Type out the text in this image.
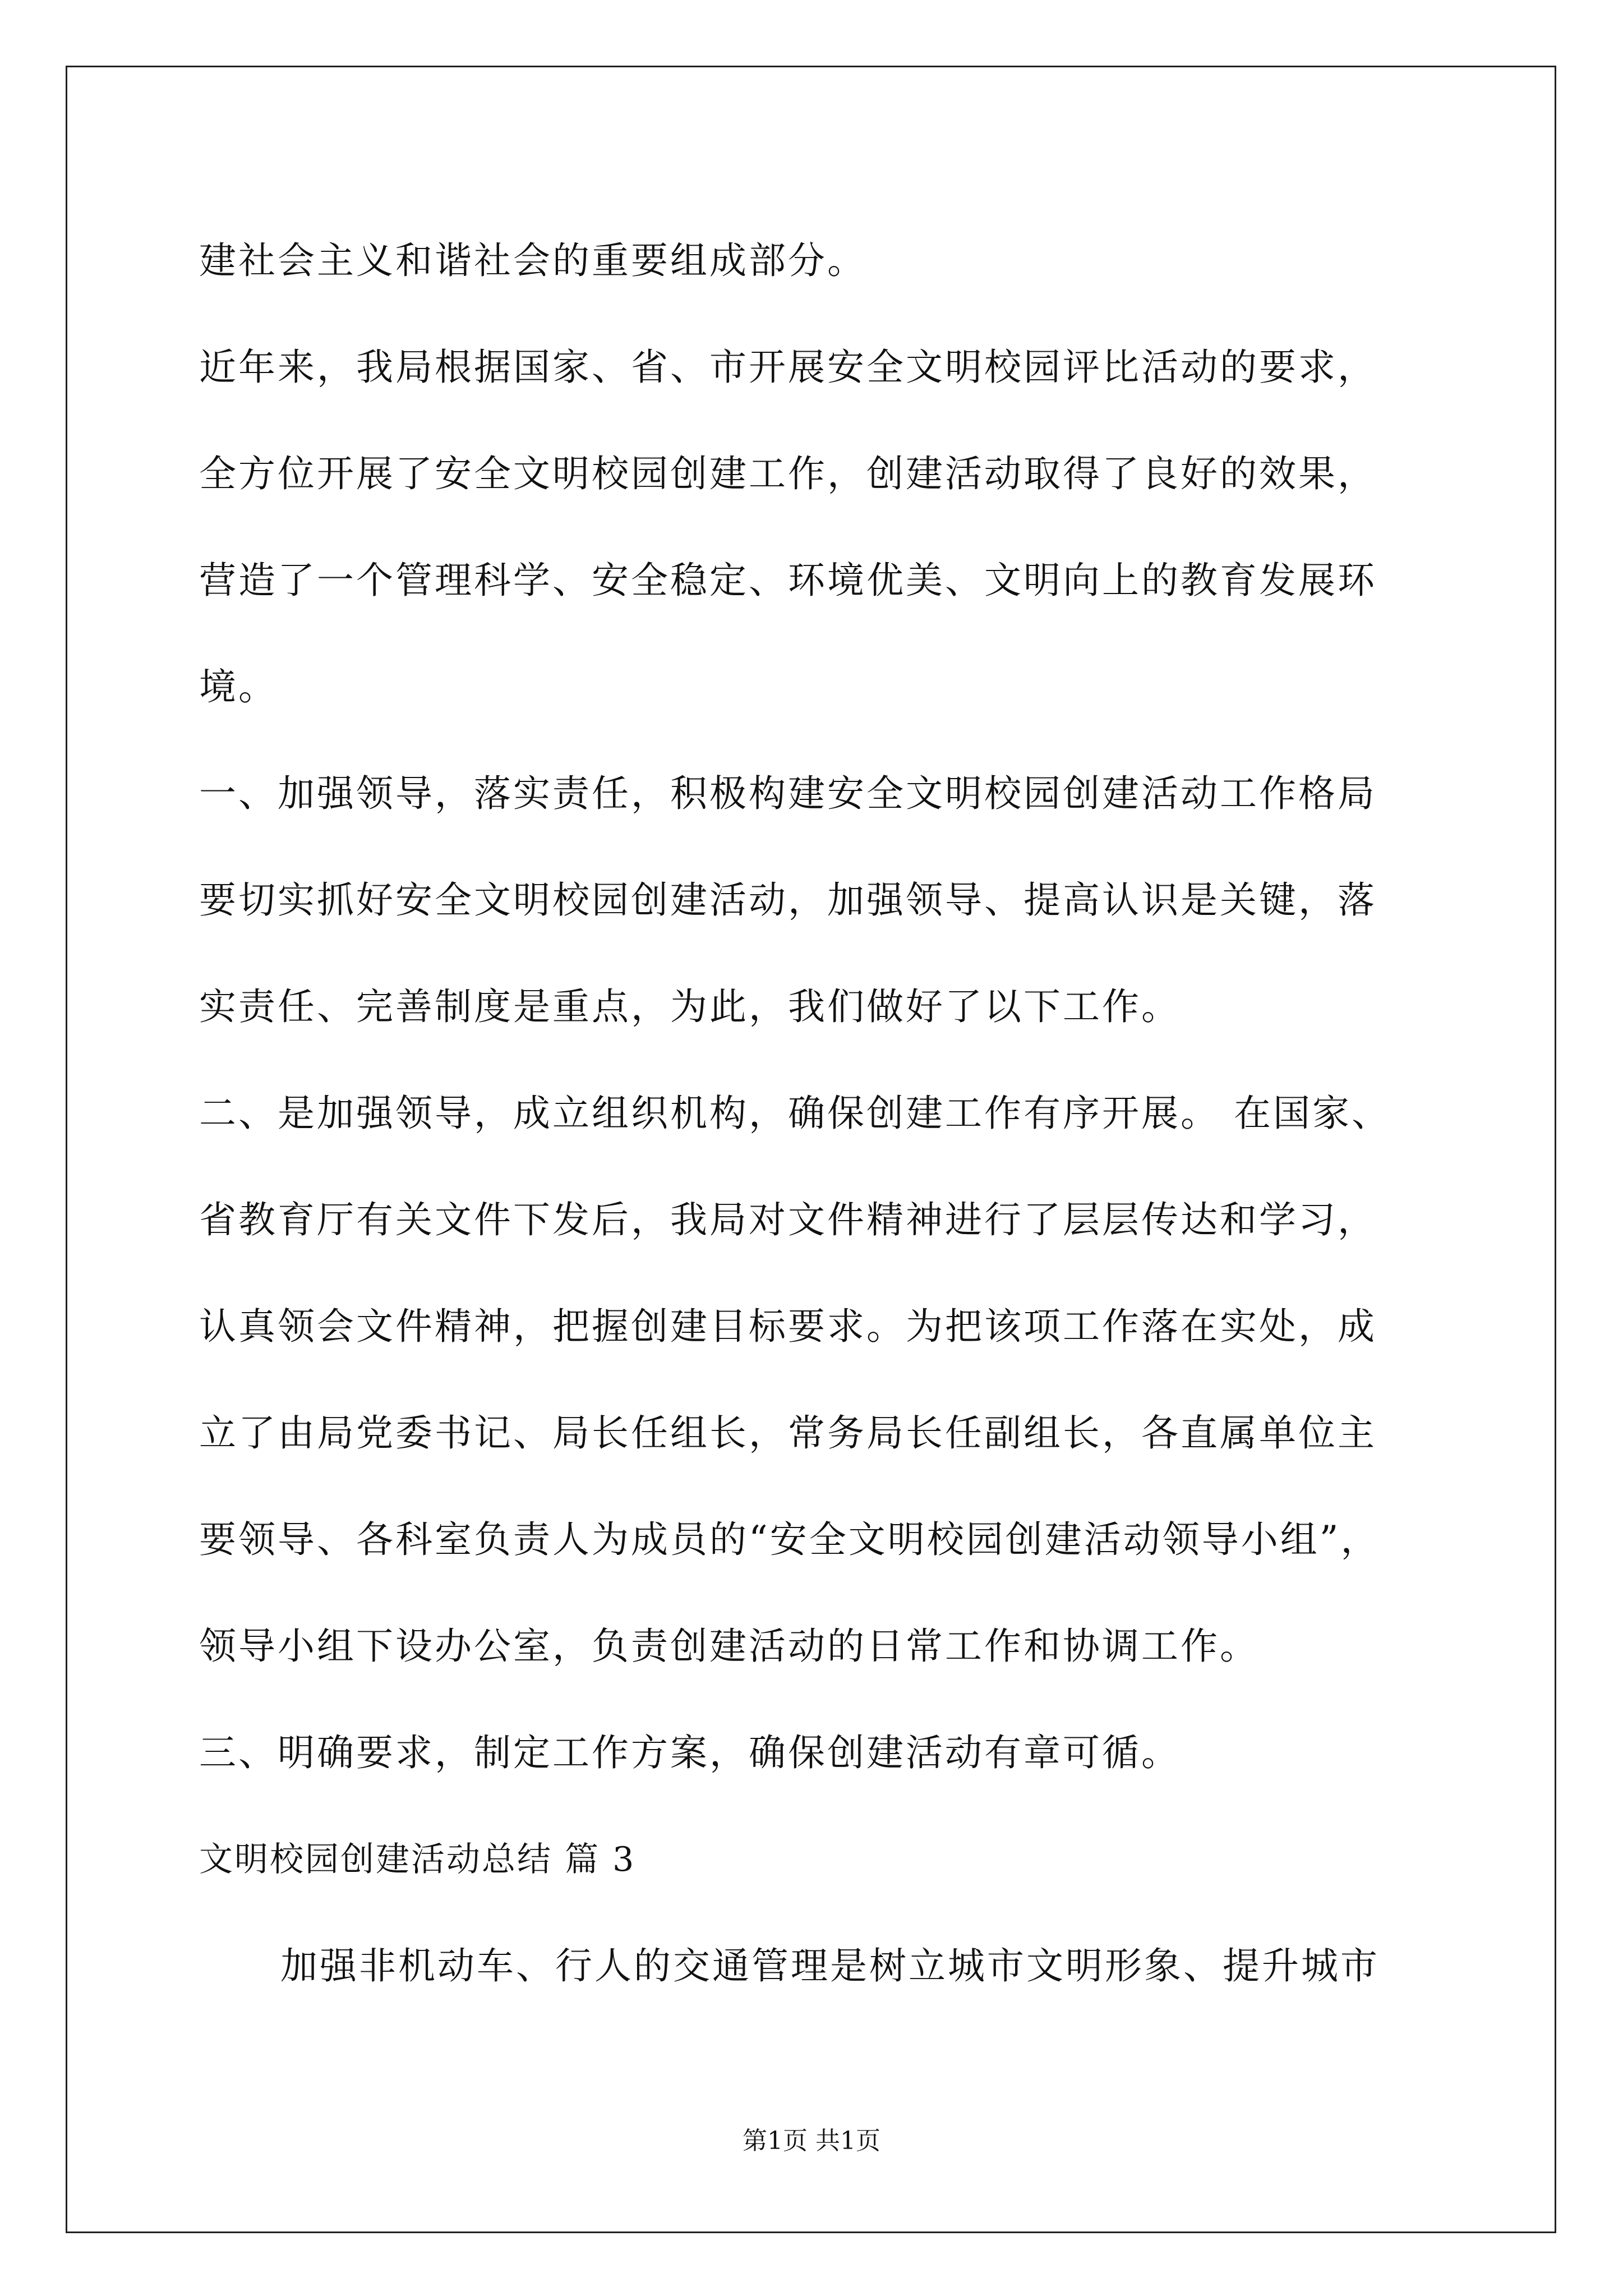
建社会主义和谐社会的重要组成部分。
近年来，我局根据国家、省、市开展安全文明校园评比活动的要求，
全方位开展了安全文明校园创建工作，创建活动取得了良好的效果，
营造了一个管理科学、安全稳定、环境优美、文明向上的教育发展环
境。
一、加强领导，落实责任，积极构建安全文明校园创建活动工作格局
要切实抓好安全文明校园创建活动，加强领导、提高认识是关键，落
实责任、完善制度是重点，为此，我们做好了以下工作。
二、是加强领导，成立组织机构，确保创建工作有序开展。 在国家、
省教育厅有关文件下发后，我局对文件精神进行了层层传达和学习，
认真领会文件精神，把握创建目标要求。为把该项工作落在实处，成
立了由局党委书记、局长任组长，常务局长任副组长，各直属单位主
要领导、各科室负责人为成员的“安全文明校园创建活动领导小组”，
领导小组下设办公室，负责创建活动的日常工作和协调工作。
三、明确要求，制定工作方案，确保创建活动有章可循。
文明校园创建活动总结 篇 3
加强非机动车、行人的交通管理是树立城市文明形象、提升城市
第1页 共1页
